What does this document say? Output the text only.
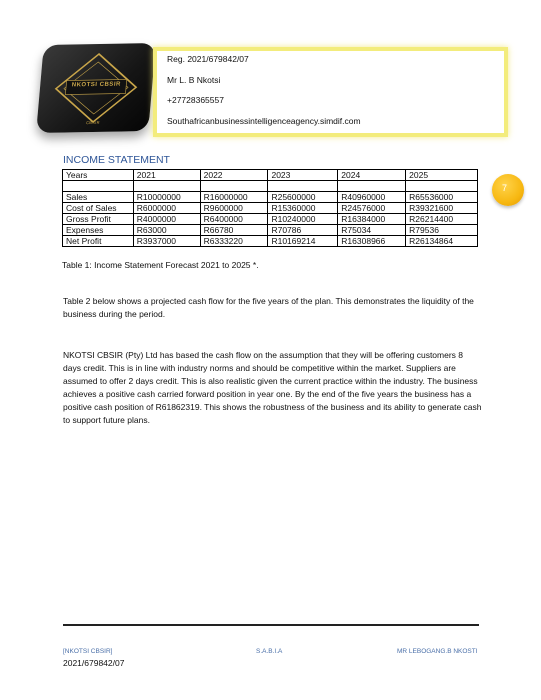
NKOTSI CBSIR
CBSIR
Reg. 2021/679842/07
Mr L. B Nkotsi
+27728365557
Southafricanbusinessintelligenceagency.simdif.com
INCOME STATEMENT
Years	2021	2022	2023	2024	2025

Sales	R10000000	R16000000	R25600000	R40960000	R65536000
Cost of Sales	R6000000	R9600000	R15360000	R24576000	R39321600
Gross Profit	R4000000	R6400000	R10240000	R16384000	R26214400
Expenses	R63000	R66780	R70786	R75034	R79536
Net Profit	R3937000	R6333220	R10169214	R16308966	R26134864
Table 1: Income Statement Forecast 2021 to 2025 *.
7
Table 2 below shows a projected cash flow for the five years of the plan. This demonstrates the liquidity of the business during the period.
NKOTSI CBSIR (Pty) Ltd has based the cash flow on the assumption that they will be offering customers 8 days credit. This is in line with industry norms and should be competitive within the market. Suppliers are assumed to offer 2 days credit. This is also realistic given the current practice within the industry. The business achieves a positive cash carried forward position in year one. By the end of the five years the business has a positive cash position of R61862319. This shows the robustness of the business and its ability to generate cash to support future plans.
[NKOTSI CBSIR]	S.A.B.I.A	MR LEBOGANG.B NKOSTI
2021/679842/07
